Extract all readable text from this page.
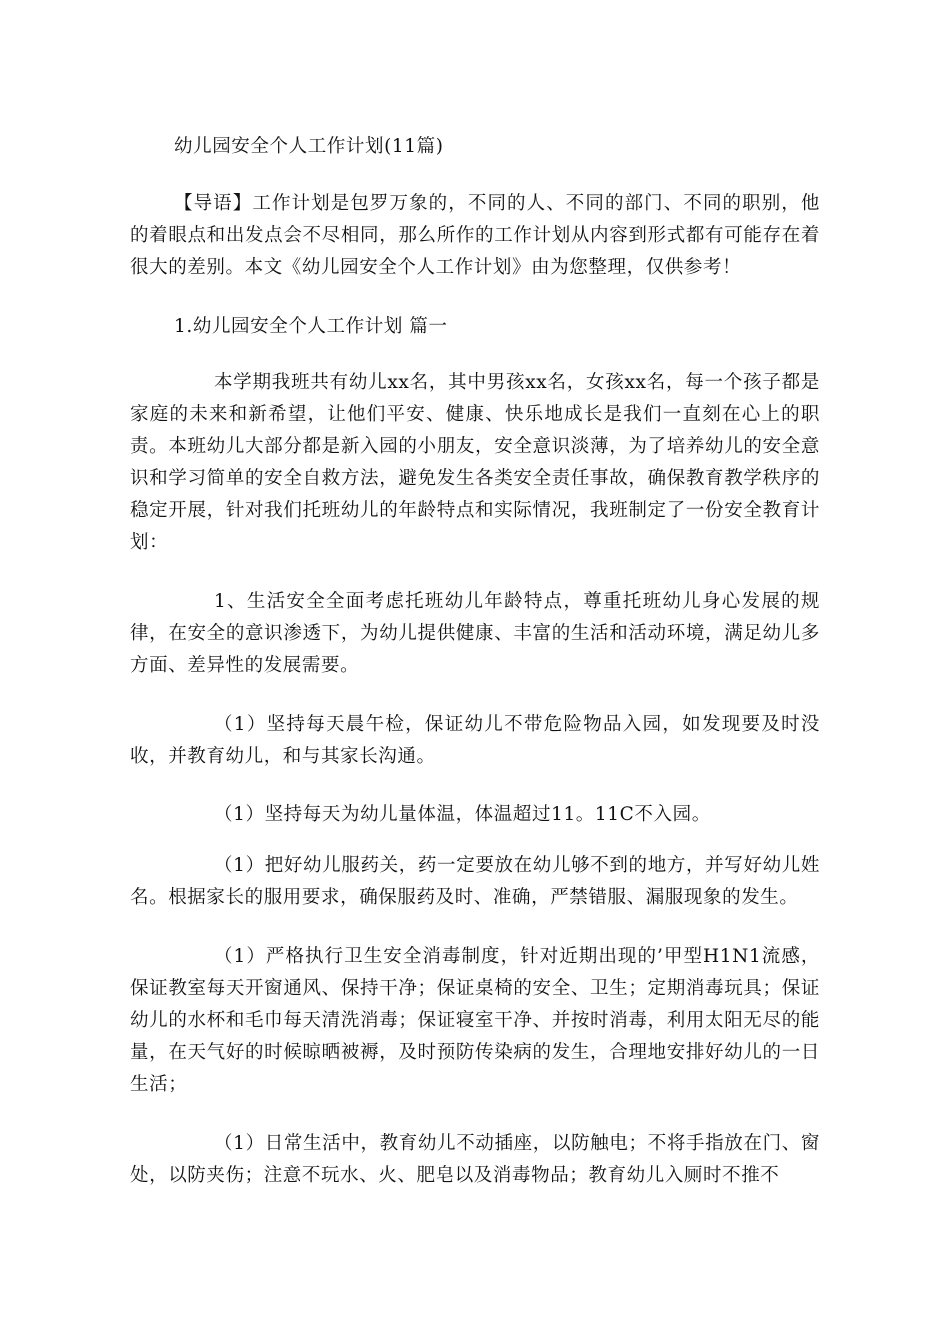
幼儿园安全个人工作计划(11篇)

【导语】工作计划是包罗万象的，不同的人、不同的部门、不同的职别，他的着眼点和出发点会不尽相同，那么所作的工作计划从内容到形式都有可能存在着很大的差别。本文《幼儿园安全个人工作计划》由为您整理，仅供参考！

1.幼儿园安全个人工作计划 篇一

本学期我班共有幼儿xx名，其中男孩xx名，女孩xx名，每一个孩子都是家庭的未来和新希望，让他们平安、健康、快乐地成长是我们一直刻在心上的职责。本班幼儿大部分都是新入园的小朋友，安全意识淡薄，为了培养幼儿的安全意识和学习简单的安全自救方法，避免发生各类安全责任事故，确保教育教学秩序的稳定开展，针对我们托班幼儿的年龄特点和实际情况，我班制定了一份安全教育计划：

1、生活安全全面考虑托班幼儿年龄特点，尊重托班幼儿身心发展的规律，在安全的意识渗透下，为幼儿提供健康、丰富的生活和活动环境，满足幼儿多方面、差异性的发展需要。

（1）坚持每天晨午检，保证幼儿不带危险物品入园，如发现要及时没收，并教育幼儿，和与其家长沟通。

（1）坚持每天为幼儿量体温，体温超过11。11C不入园。

（1）把好幼儿服药关，药一定要放在幼儿够不到的地方，并写好幼儿姓名。根据家长的服用要求，确保服药及时、准确，严禁错服、漏服现象的发生。

（1）严格执行卫生安全消毒制度，针对近期出现的’甲型H1N1流感，保证教室每天开窗通风、保持干净；保证桌椅的安全、卫生；定期消毒玩具；保证幼儿的水杯和毛巾每天清洗消毒；保证寝室干净、并按时消毒，利用太阳无尽的能量，在天气好的时候晾晒被褥，及时预防传染病的发生，合理地安排好幼儿的一日生活；

（1）日常生活中，教育幼儿不动插座，以防触电；不将手指放在门、窗处，以防夹伤；注意不玩水、火、肥皂以及消毒物品；教育幼儿入厕时不推不
